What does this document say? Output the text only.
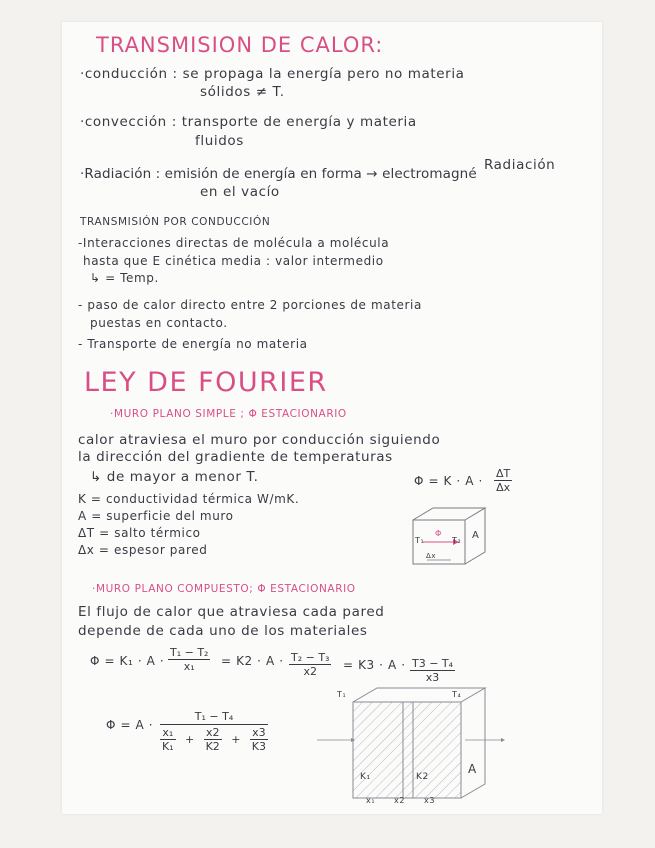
TRANSMISION DE CALOR:
·conducción : se propaga la energía pero no materia
sólidos ≠ T.
·convección : transporte de energía y materia
fluidos
Radiación
·Radiación : emisión de energía en forma → electromagné
en el vacío
TRANSMISIÓN POR CONDUCCIÓN
-Interacciones directas de molécula a molécula
hasta que E cinética media : valor intermedio
↳ = Temp.
- paso de calor directo entre 2 porciones de materia
puestas en contacto.
- Transporte de energía no materia
LEY DE FOURIER
·MURO PLANO SIMPLE ; Φ ESTACIONARIO
calor atraviesa el muro por conducción siguiendo
la dirección del gradiente de temperaturas
↳ de mayor a menor T.	Φ = K · A ·
ΔT
Δx
K = conductividad térmica W/mK.
A = superficie del muro
ΔT = salto térmico
Δx = espesor pared
T₁
Φ
T₂ A
Δx
·MURO PLANO COMPUESTO; Φ ESTACIONARIO
El flujo de calor que atraviesa cada pared
depende de cada uno de los materiales
Φ = K₁ · A ·
T₁ − T₂
x₁ = K2 · A · T₂ − T₃
x2 = K3 · A · T3 − T₄
x3
Φ = A ·
T₁ − T₄
$\frac{\text{x₁}}{\text{K₁}} + \frac{x2}{K2} + \frac{x3}{K3}$
T₁	T₄
K₁	K2
A
x₁ x2 x3
